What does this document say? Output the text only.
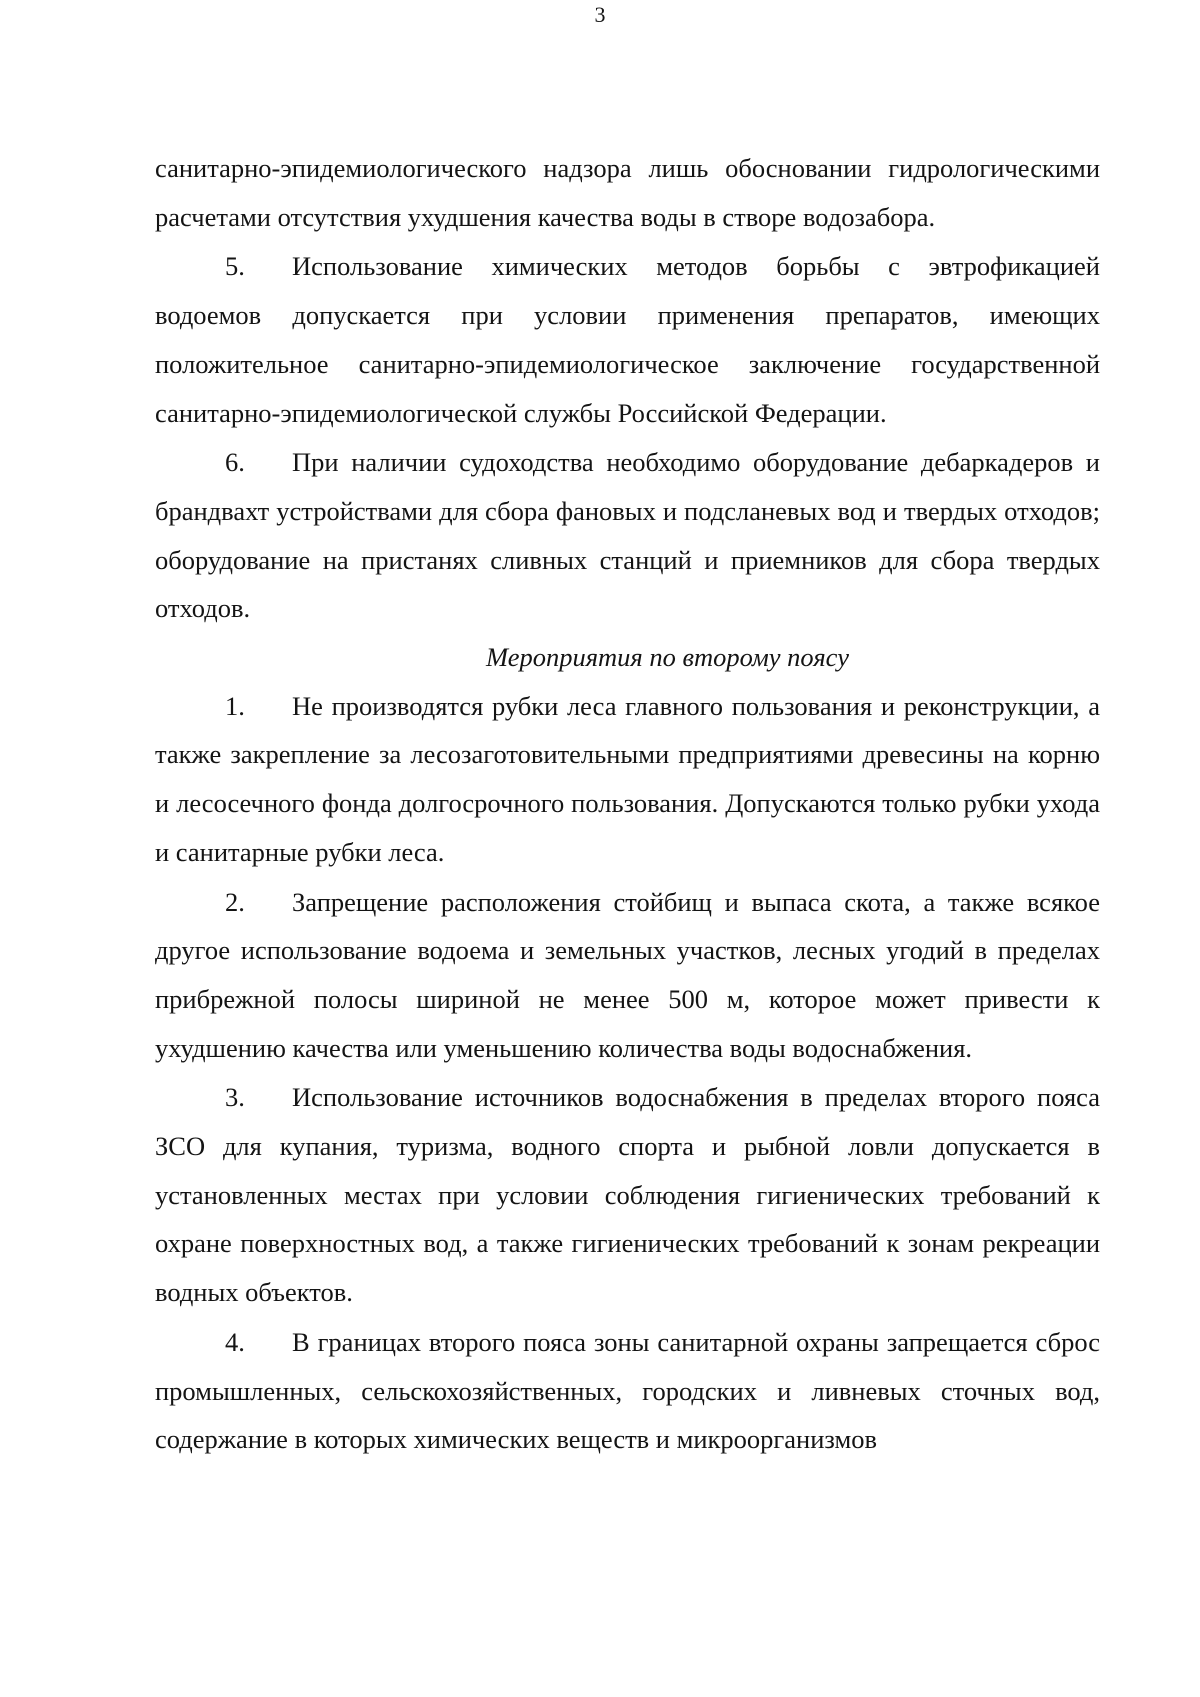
3

санитарно-эпидемиологического надзора лишь обосновании гидрологическими расчетами отсутствия ухудшения качества воды в створе водозабора.

5. Использование химических методов борьбы с эвтрофикацией водоемов допускается при условии применения препаратов, имеющих положительное санитарно-эпидемиологическое заключение государственной санитарно-эпидемиологической службы Российской Федерации.

6. При наличии судоходства необходимо оборудование дебаркадеров и брандвахт устройствами для сбора фановых и подсланевых вод и твердых отходов; оборудование на пристанях сливных станций и приемников для сбора твердых отходов.

Мероприятия по второму поясу

1. Не производятся рубки леса главного пользования и реконструкции, а также закрепление за лесозаготовительными предприятиями древесины на корню и лесосечного фонда долгосрочного пользования. Допускаются только рубки ухода и санитарные рубки леса.

2. Запрещение расположения стойбищ и выпаса скота, а также всякое другое использование водоема и земельных участков, лесных угодий в пределах прибрежной полосы шириной не менее 500 м, которое может привести к ухудшению качества или уменьшению количества воды водоснабжения.

3. Использование источников водоснабжения в пределах второго пояса ЗСО для купания, туризма, водного спорта и рыбной ловли допускается в установленных местах при условии соблюдения гигиенических требований к охране поверхностных вод, а также гигиенических требований к зонам рекреации водных объектов.

4. В границах второго пояса зоны санитарной охраны запрещается сброс промышленных, сельскохозяйственных, городских и ливневых сточных вод, содержание в которых химических веществ и микроорганизмов
